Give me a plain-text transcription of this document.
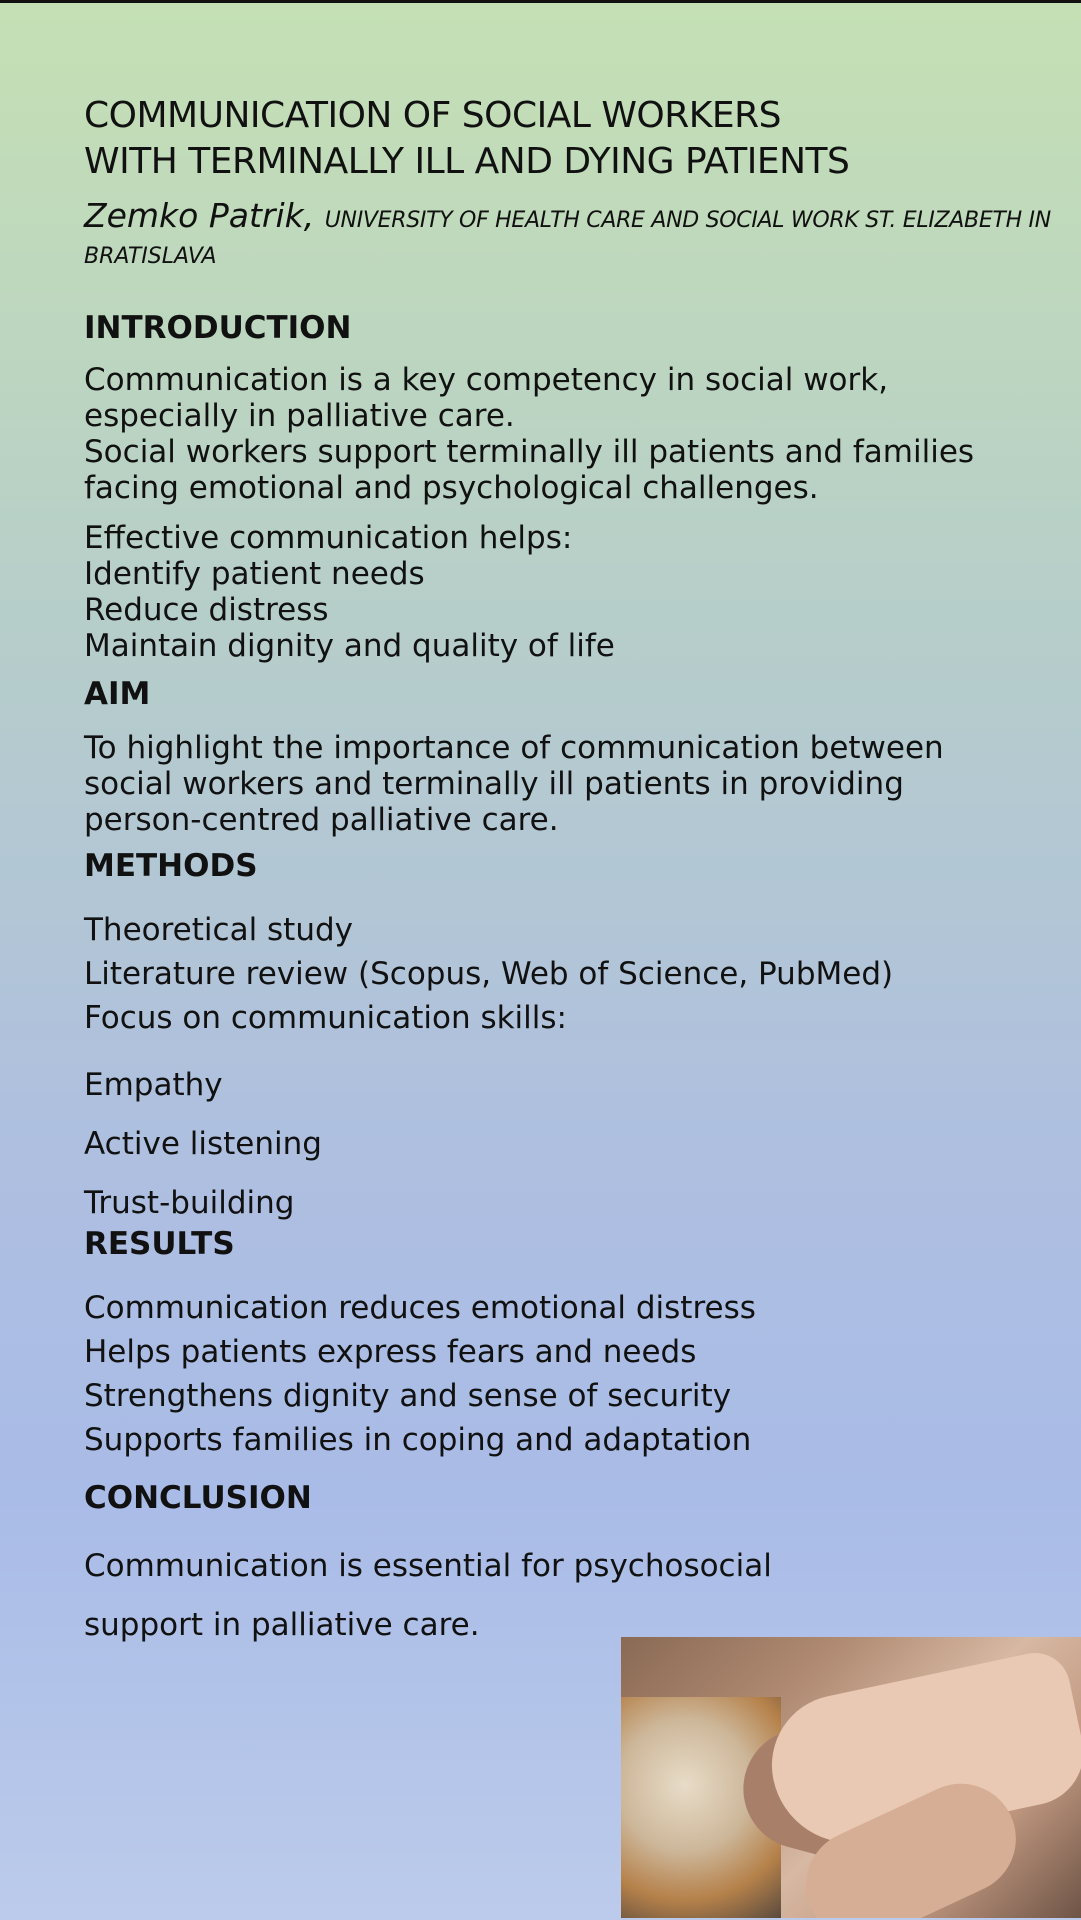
COMMUNICATION OF SOCIAL WORKERS
WITH TERMINALLY ILL AND DYING PATIENTS

Zemko Patrik, UNIVERSITY OF HEALTH CARE AND SOCIAL WORK ST. ELIZABETH IN

BRATISLAVA

INTRODUCTION
Communication is a key competency in social work,
especially in palliative care.
Social workers support terminally ill patients and families
facing emotional and psychological challenges.
Effective communication helps:
Identify patient needs
Reduce distress
Maintain dignity and quality of life
AIM
To highlight the importance of communication between
social workers and terminally ill patients in providing
person-centred palliative care.
METHODS
Theoretical study
Literature review (Scopus, Web of Science, PubMed)
Focus on communication skills:
Empathy
Active listening
Trust-building
RESULTS
Communication reduces emotional distress
Helps patients express fears and needs
Strengthens dignity and sense of security
Supports families in coping and adaptation
CONCLUSION
Communication is essential for psychosocial
support in palliative care.
